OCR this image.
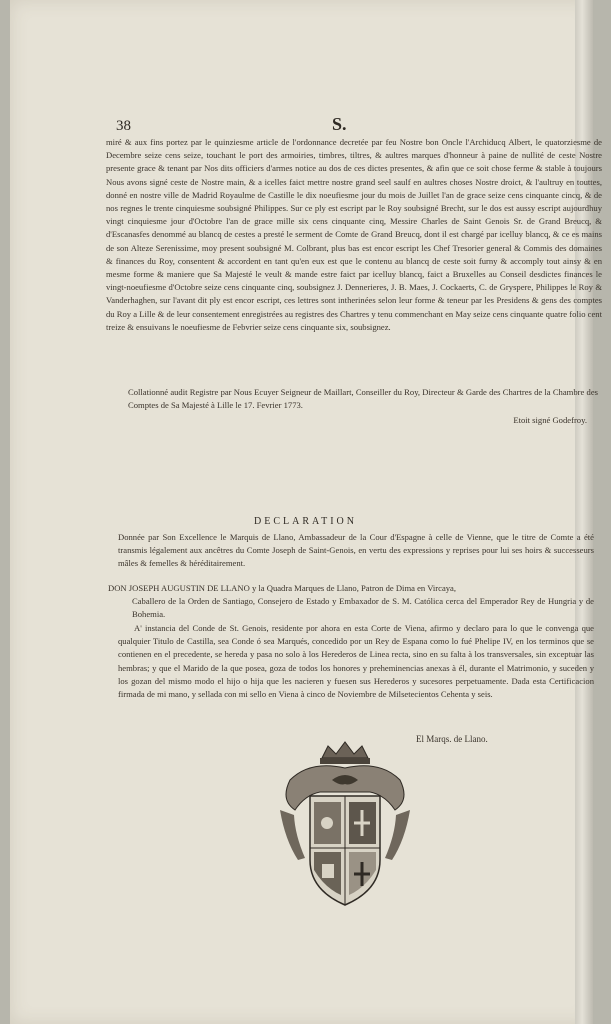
38	S.
miré & aux fins portez par le quinziesme article de l'ordonnance decretée par feu Nostre bon Oncle l'Archiducq Albert, le quatorziesme de Decembre seize cens seize, touchant le port des armoiries, timbres, tiltres, & aultres marques d'honneur à paine de nullité de ceste Nostre presente grace & tenant par Nos dits officiers d'armes notice au dos de ces dictes presentes, & afin que ce soit chose ferme & stable à toujours Nous avons signé ceste de Nostre main, & a icelles faict mettre nostre grand seel saulf en aultres choses Nostre droict, & l'aultruy en touttes, donné en nostre ville de Madrid Royaulme de Castille le dix noeufiesme jour du mois de Juillet l'an de grace seize cens cinquante cincq, & de nos regnes le trente cinquiesme soubsigné Philippes. Sur ce ply est escript par le Roy soubsigné Brecht, sur le dos est aussy escript aujourdhuy vingt cinquiesme jour d'Octobre l'an de grace mille six cens cinquante cinq, Messire Charles de Saint Genois Sr. de Grand Breucq, & d'Escanasfes denommé au blancq de cestes a presté le serment de Comte de Grand Breucq, dont il est chargé par icelluy blancq, & ce es mains de son Alteze Serenissime, moy present soubsigné M. Colbrant, plus bas est encor escript les Chef Tresorier general & Commis des domaines & finances du Roy, consentent & accordent en tant qu'en eux est que le contenu au blancq de ceste soit furny & accomply tout ainsy & en mesme forme & maniere que Sa Majesté le veult & mande estre faict par icelluy blancq, faict a Bruxelles au Conseil desdictes finances le vingt-noeufiesme d'Octobre seize cens cinquante cinq, soubsignez J. Dennerieres, J. B. Maes, J. Cockaerts, C. de Gryspere, Philippes le Roy & Vanderhaghen, sur l'avant dit ply est encor escript, ces lettres sont intherinées selon leur forme & teneur par les Presidens & gens des comptes du Roy a Lille & de leur consentement enregistrées au registres des Chartres y tenu commenchant en May seize cens cinquante quatre folio cent treize & ensuivans le noeufiesme de Febvrier seize cens cinquante six, soubsignez.
Collationné audit Registre par Nous Ecuyer Seigneur de Maillart, Conseiller du Roy, Directeur & Garde des Chartres de la Chambre des Comptes de Sa Majesté à Lille le 17. Fevrier 1773.
Etoit signé Godefroy.
DECLARATION
Donnée par Son Excellence le Marquis de Llano, Ambassadeur de la Cour d'Espagne à celle de Vienne, que le titre de Comte a été transmis légalement aux ancêtres du Comte Joseph de Saint-Genois, en vertu des expressions y reprises pour lui ses hoirs & successeurs mâles & femelles & héréditairement.
DON JOSEPH AUGUSTIN DE LLANO y la Quadra Marques de Llano, Patron de Dima en Vircaya,
Caballero de la Orden de Santiago, Consejero de Estado y Embaxador de S. M. Católica cerca del Emperador Rey de Hungria y de Bohemia.
A' instancia del Conde de St. Genois, residente por ahora en esta Corte de Viena, afirmo y declaro para lo que le convenga que qualquier Titulo de Castilla, sea Conde ó sea Marqués, concedido por un Rey de Espana como lo fué Phelipe IV, en los terminos que se contienen en el precedente, se hereda y pasa no solo à los Herederos de Linea recta, sino en su falta à los transversales, sin exceptuar las hembras; y que el Marido de la que posea, goza de todos los honores y preheminencias anexas à él, durante el Matrimonio, y suceden y los gozan del mismo modo el hijo o hija que les nacieren y fuesen sus Herederos y sucesores perpetuamente. Dada esta Certificacion firmada de mi mano, y sellada con mi sello en Viena à cinco de Noviembre de Milsetecientos Cehenta y seis.
El Marqs. de Llano.
